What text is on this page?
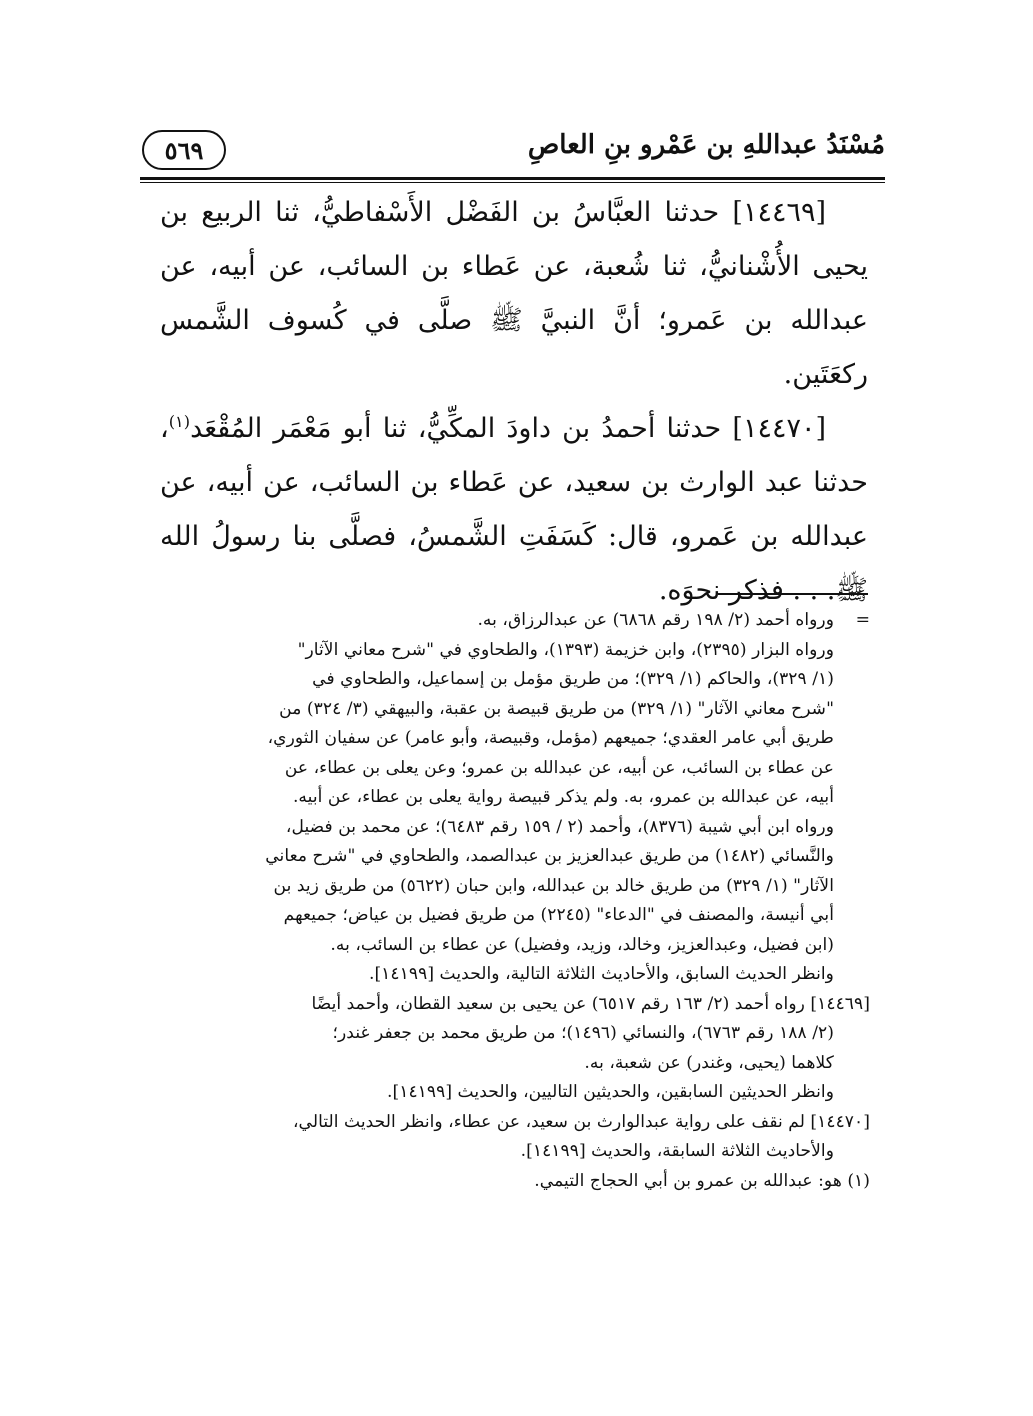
مُسْنَدُ عبداللهِ بن عَمْرو بنِ العاصِ
٥٦٩

[١٤٤٦٩] حدثنا العبَّاسُ بن الفَضْل الأَسْفاطيُّ، ثنا الربيع بن يحيى الأُشْنانيُّ، ثنا شُعبة، عن عَطاء بن السائب، عن أبيه، عن عبدالله بن عَمرو؛ أنَّ النبيَّ ﷺ صلَّى في كُسوف الشَّمس ركعَتَين.

[١٤٤٧٠] حدثنا أحمدُ بن داودَ المكِّيُّ، ثنا أبو مَعْمَر المُقْعَد$^{(١)}$، حدثنا عبد الوارث بن سعيد، عن عَطاء بن السائب، عن أبيه، عن عبدالله بن عَمرو، قال: كَسَفَتِ الشَّمسُ، فصلَّى بنا رسولُ الله ﷺ. . . فذكر نحوَه.

=ورواه أحمد (٢/ ١٩٨ رقم ٦٨٦٨) عن عبدالرزاق، به.

ورواه البزار (٢٣٩٥)، وابن خزيمة (١٣٩٣)، والطحاوي في "شرح معاني الآثار"

(١/ ٣٢٩)، والحاكم (١/ ٣٢٩)؛ من طريق مؤمل بن إسماعيل، والطحاوي في

"شرح معاني الآثار" (١/ ٣٢٩) من طريق قبيصة بن عقبة، والبيهقي (٣/ ٣٢٤) من

طريق أبي عامر العقدي؛ جميعهم (مؤمل، وقبيصة، وأبو عامر) عن سفيان الثوري،

عن عطاء بن السائب، عن أبيه، عن عبدالله بن عمرو؛ وعن يعلى بن عطاء، عن

أبيه، عن عبدالله بن عمرو، به. ولم يذكر قبيصة رواية يعلى بن عطاء، عن أبيه.

ورواه ابن أبي شيبة (٨٣٧٦)، وأحمد (٢ / ١٥٩ رقم ٦٤٨٣)؛ عن محمد بن فضيل،

والنَّسائي (١٤٨٢) من طريق عبدالعزيز بن عبدالصمد، والطحاوي في "شرح معاني

الآثار" (١/ ٣٢٩) من طريق خالد بن عبدالله، وابن حبان (٥٦٢٢) من طريق زيد بن

أبي أنيسة، والمصنف في "الدعاء" (٢٢٤٥) من طريق فضيل بن عياض؛ جميعهم

(ابن فضيل، وعبدالعزيز، وخالد، وزيد، وفضيل) عن عطاء بن السائب، به.

وانظر الحديث السابق، والأحاديث الثلاثة التالية، والحديث [١٤١٩٩].

[١٤٤٦٩] رواه أحمد (٢/ ١٦٣ رقم ٦٥١٧) عن يحيى بن سعيد القطان، وأحمد أيضًا

(٢/ ١٨٨ رقم ٦٧٦٣)، والنسائي (١٤٩٦)؛ من طريق محمد بن جعفر غندر؛

كلاهما (يحيى، وغندر) عن شعبة، به.

وانظر الحديثين السابقين، والحديثين التاليين، والحديث [١٤١٩٩].

[١٤٤٧٠] لم نقف على رواية عبدالوارث بن سعيد، عن عطاء، وانظر الحديث التالي،

والأحاديث الثلاثة السابقة، والحديث [١٤١٩٩].

(١) هو: عبدالله بن عمرو بن أبي الحجاج التيمي.
